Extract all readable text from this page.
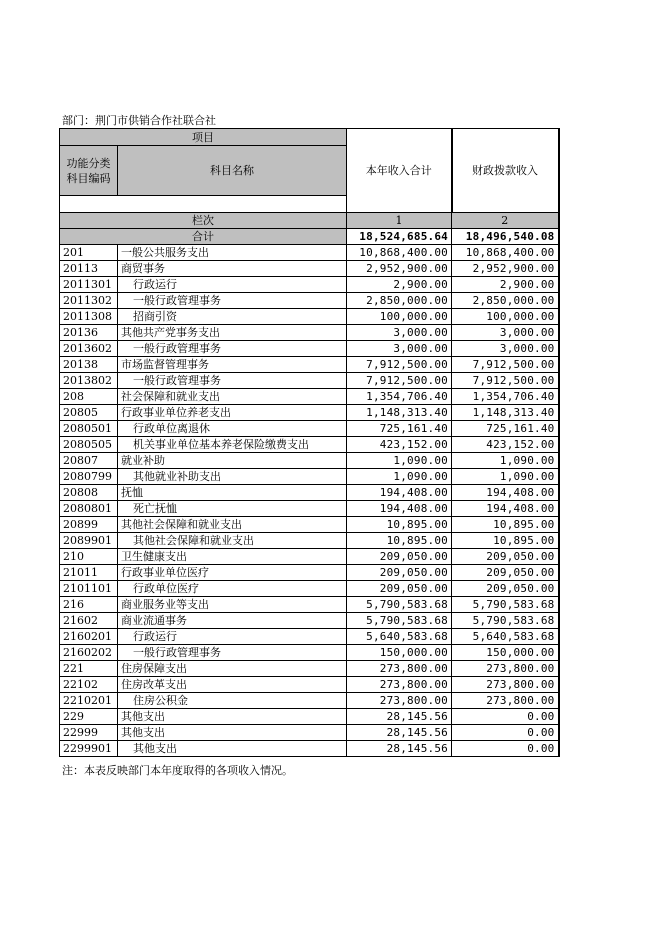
部门：荆门市供销合作社联合社
项目		本年收入合计	财政拨款收入
功能分类
科目编码	科目名称		

栏次		1	2
合计		18,524,685.64	18,496,540.08
201	一般公共服务支出	10,868,400.00	10,868,400.00
20113	商贸事务	2,952,900.00	2,952,900.00
2011301	行政运行	2,900.00	2,900.00
2011302	一般行政管理事务	2,850,000.00	2,850,000.00
2011308	招商引资	100,000.00	100,000.00
20136	其他共产党事务支出	3,000.00	3,000.00
2013602	一般行政管理事务	3,000.00	3,000.00
20138	市场监督管理事务	7,912,500.00	7,912,500.00
2013802	一般行政管理事务	7,912,500.00	7,912,500.00
208	社会保障和就业支出	1,354,706.40	1,354,706.40
20805	行政事业单位养老支出	1,148,313.40	1,148,313.40
2080501	行政单位离退休	725,161.40	725,161.40
2080505	机关事业单位基本养老保险缴费支出	423,152.00	423,152.00
20807	就业补助	1,090.00	1,090.00
2080799	其他就业补助支出	1,090.00	1,090.00
20808	抚恤	194,408.00	194,408.00
2080801	死亡抚恤	194,408.00	194,408.00
20899	其他社会保障和就业支出	10,895.00	10,895.00
2089901	其他社会保障和就业支出	10,895.00	10,895.00
210	卫生健康支出	209,050.00	209,050.00
21011	行政事业单位医疗	209,050.00	209,050.00
2101101	行政单位医疗	209,050.00	209,050.00
216	商业服务业等支出	5,790,583.68	5,790,583.68
21602	商业流通事务	5,790,583.68	5,790,583.68
2160201	行政运行	5,640,583.68	5,640,583.68
2160202	一般行政管理事务	150,000.00	150,000.00
221	住房保障支出	273,800.00	273,800.00
22102	住房改革支出	273,800.00	273,800.00
2210201	住房公积金	273,800.00	273,800.00
229	其他支出	28,145.56	0.00
22999	其他支出	28,145.56	0.00
2299901	其他支出	28,145.56	0.00
注：本表反映部门本年度取得的各项收入情况。
